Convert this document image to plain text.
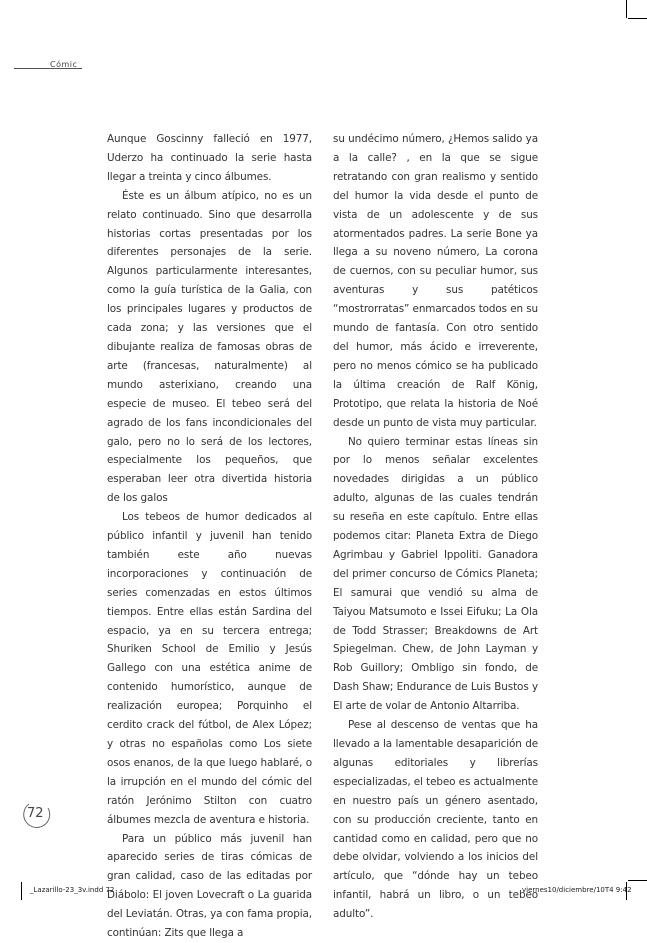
Cómic

Aunque Goscinny falleció en 1977, Uderzo ha continuado la serie hasta llegar a treinta y cinco álbumes.

Éste es un álbum atípico, no es un relato continuado. Sino que desarrolla historias cortas presentadas por los diferentes personajes de la serie. Algunos particularmente interesantes, como la guía turística de la Galia, con los principales lugares y productos de cada zona; y las versiones que el dibujante realiza de famosas obras de arte (francesas, naturalmente) al mundo asterixiano, creando una especie de museo. El tebeo será del agrado de los fans incondicionales del galo, pero no lo será de los lectores, especialmente los pequeños, que esperaban leer otra divertida historia de los galos

Los tebeos de humor dedicados al público infantil y juvenil han tenido también este año nuevas incorporaciones y continuación de series comenzadas en estos últimos tiempos. Entre ellas están Sardina del espacio, ya en su tercera entrega; Shuriken School de Emilio y Jesús Gallego con una estética anime de contenido humorístico, aunque de realización europea; Porquinho el cerdito crack del fútbol, de Alex López; y otras no españolas como Los siete osos enanos, de la que luego hablaré, o la irrupción en el mundo del cómic del ratón Jerónimo Stilton con cuatro álbumes mezcla de aventura e historia.

Para un público más juvenil han aparecido series de tiras cómicas de gran calidad, caso de las editadas por Diábolo: El joven Lovecraft o La guarida del Leviatán. Otras, ya con fama propia, continúan: Zits que llega a

su undécimo número, ¿Hemos salido ya a la calle? , en la que se sigue retratando con gran realismo y sentido del humor la vida desde el punto de vista de un adolescente y de sus atormentados padres. La serie Bone ya llega a su noveno número, La corona de cuernos, con su peculiar humor, sus aventuras y sus patéticos “mostrorratas” enmarcados todos en su mundo de fantasía. Con otro sentido del humor, más ácido e irreverente, pero no menos cómico se ha publicado la última creación de Ralf König, Prototipo, que relata la historia de Noé desde un punto de vista muy particular.

No quiero terminar estas líneas sin por lo menos señalar excelentes novedades dirigidas a un público adulto, algunas de las cuales tendrán su reseña en este capítulo. Entre ellas podemos citar: Planeta Extra de Diego Agrimbau y Gabriel Ippoliti. Ganadora del primer concurso de Cómics Planeta; El samurai que vendió su alma de Taiyou Matsumoto e Issei Eifuku; La Ola de Todd Strasser; Breakdowns de Art Spiegelman. Chew, de John Layman y Rob Guillory; Ombligo sin fondo, de Dash Shaw; Endurance de Luis Bustos y El arte de volar de Antonio Altarriba.

Pese al descenso de ventas que ha llevado a la lamentable desaparición de algunas editoriales y librerías especializadas, el tebeo es actualmente en nuestro país un género asentado, con su producción creciente, tanto en cantidad como en calidad, pero que no debe olvidar, volviendo a los inicios del artículo, que “dónde hay un tebeo infantil, habrá un libro, o un tebeo adulto”.

72
_Lazarillo-23_3v.indd 72	viernes10/diciembre/10T4 9:42
